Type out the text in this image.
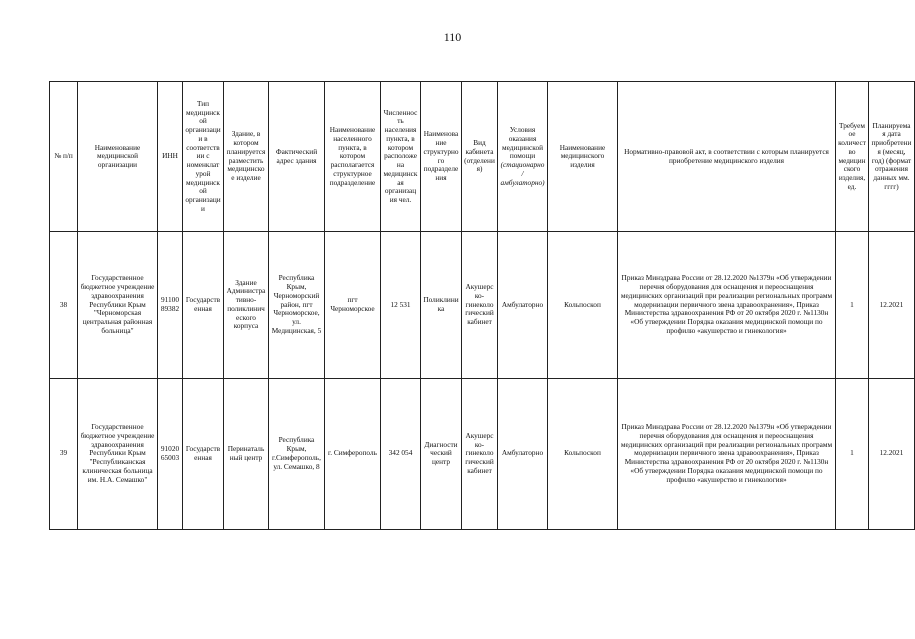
110
№ п/п	Наименование медицинской организации	ИНН	Тип медицинской организации в соответствии с номенклатурой медицинской организации	Здание, в котором планируется разместить медицинское изделие	Фактический адрес здания	Наименование населенного пункта, в котором располагается структурное подразделение	Численность населения пункта, в котором расположена медицинская организация чел.	Наименование структурного подразделения	Вид кабинета (отделения)	Условия оказания медицинской помощи
(стационарно / амбулаторно)	Наименование медицинского изделия	Нормативно-правовой акт, в соответствии с которым планируется приобретение медицинского изделия	Требуемое количество медицинского изделия, ед.	Планируемая дата приобретения (месяц, год) (формат отражения данных мм. гггг)
38	Государственное бюджетное учреждение здравоохранения Республики Крым "Черноморская центральная районная больница"	9110089382	Государственная	Здание Административно-поликлинического корпуса	Республика Крым, Черноморский район, пгт Черноморское, ул. Медицинская, 5	пгт Черноморское	12 531	Поликлиника	Акушерско-гинекологический кабинет	Амбулаторно	Кольпоскоп	Приказ Минздрава России от 28.12.2020 №1379н «Об утверждении перечня оборудования для оснащения и переоснащения медицинских организаций при реализации региональных программ модернизации первичного звена здравоохранения», Приказ Министерства здравоохранения РФ от 20 октября 2020 г. №1130н «Об утверждении Порядка оказания медицинской помощи по профилю «акушерство и гинекология»	1	12.2021
39	Государственное бюджетное учреждение здравоохранения Республики Крым "Республиканская клиническая больница им. Н.А. Семашко"	9102065003	Государственная	Перинатальный центр	Республика Крым, г.Симферополь, ул. Семашко, 8	г. Симферополь	342 054	Диагностический центр	Акушерско-гинекологический кабинет	Амбулаторно	Кольпоскоп	Приказ Минздрава России от 28.12.2020 №1379н «Об утверждении перечня оборудования для оснащения и переоснащения медицинских организаций при реализации региональных программ модернизации первичного звена здравоохранения», Приказ Министерства здравоохранения РФ от 20 октября 2020 г. №1130н «Об утверждении Порядка оказания медицинской помощи по профилю «акушерство и гинекология»	1	12.2021
